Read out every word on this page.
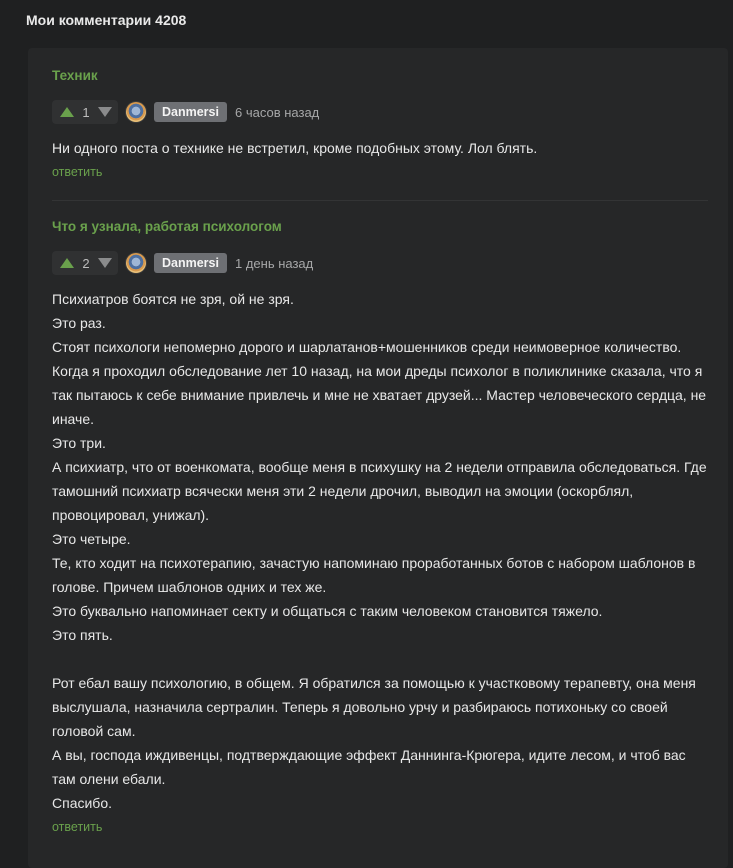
Мои комментарии 4208
Техник
1	Danmersi	6 часов назад
Ни одного поста о технике не встретил, кроме подобных этому. Лол блять.
ответить
Что я узнала, работая психологом
2	Danmersi	1 день назад
Психиатров боятся не зря, ой не зря.
Это раз.
Стоят психологи непомерно дорого и шарлатанов+мошенников среди неимоверное количество.
Когда я проходил обследование лет 10 назад, на мои дреды психолог в поликлинике сказала, что я так пытаюсь к себе внимание привлечь и мне не хватает друзей... Мастер человеческого сердца, не иначе.
Это три.
А психиатр, что от военкомата, вообще меня в психушку на 2 недели отправила обследоваться. Где тамошний психиатр всячески меня эти 2 недели дрочил, выводил на эмоции (оскорблял, провоцировал, унижал).
Это четыре.
Те, кто ходит на психотерапию, зачастую напоминаю проработанных ботов с набором шаблонов в голове. Причем шаблонов одних и тех же.
Это буквально напоминает секту и общаться с таким человеком становится тяжело.
Это пять.

Рот ебал вашу психологию, в общем. Я обратился за помощью к участковому терапевту, она меня выслушала, назначила сертралин. Теперь я довольно урчу и разбираюсь потихоньку со своей головой сам.
А вы, господа иждивенцы, подтверждающие эффект Даннинга-Крюгера, идите лесом, и чтоб вас там олени ебали.
Спасибо.
ответить
